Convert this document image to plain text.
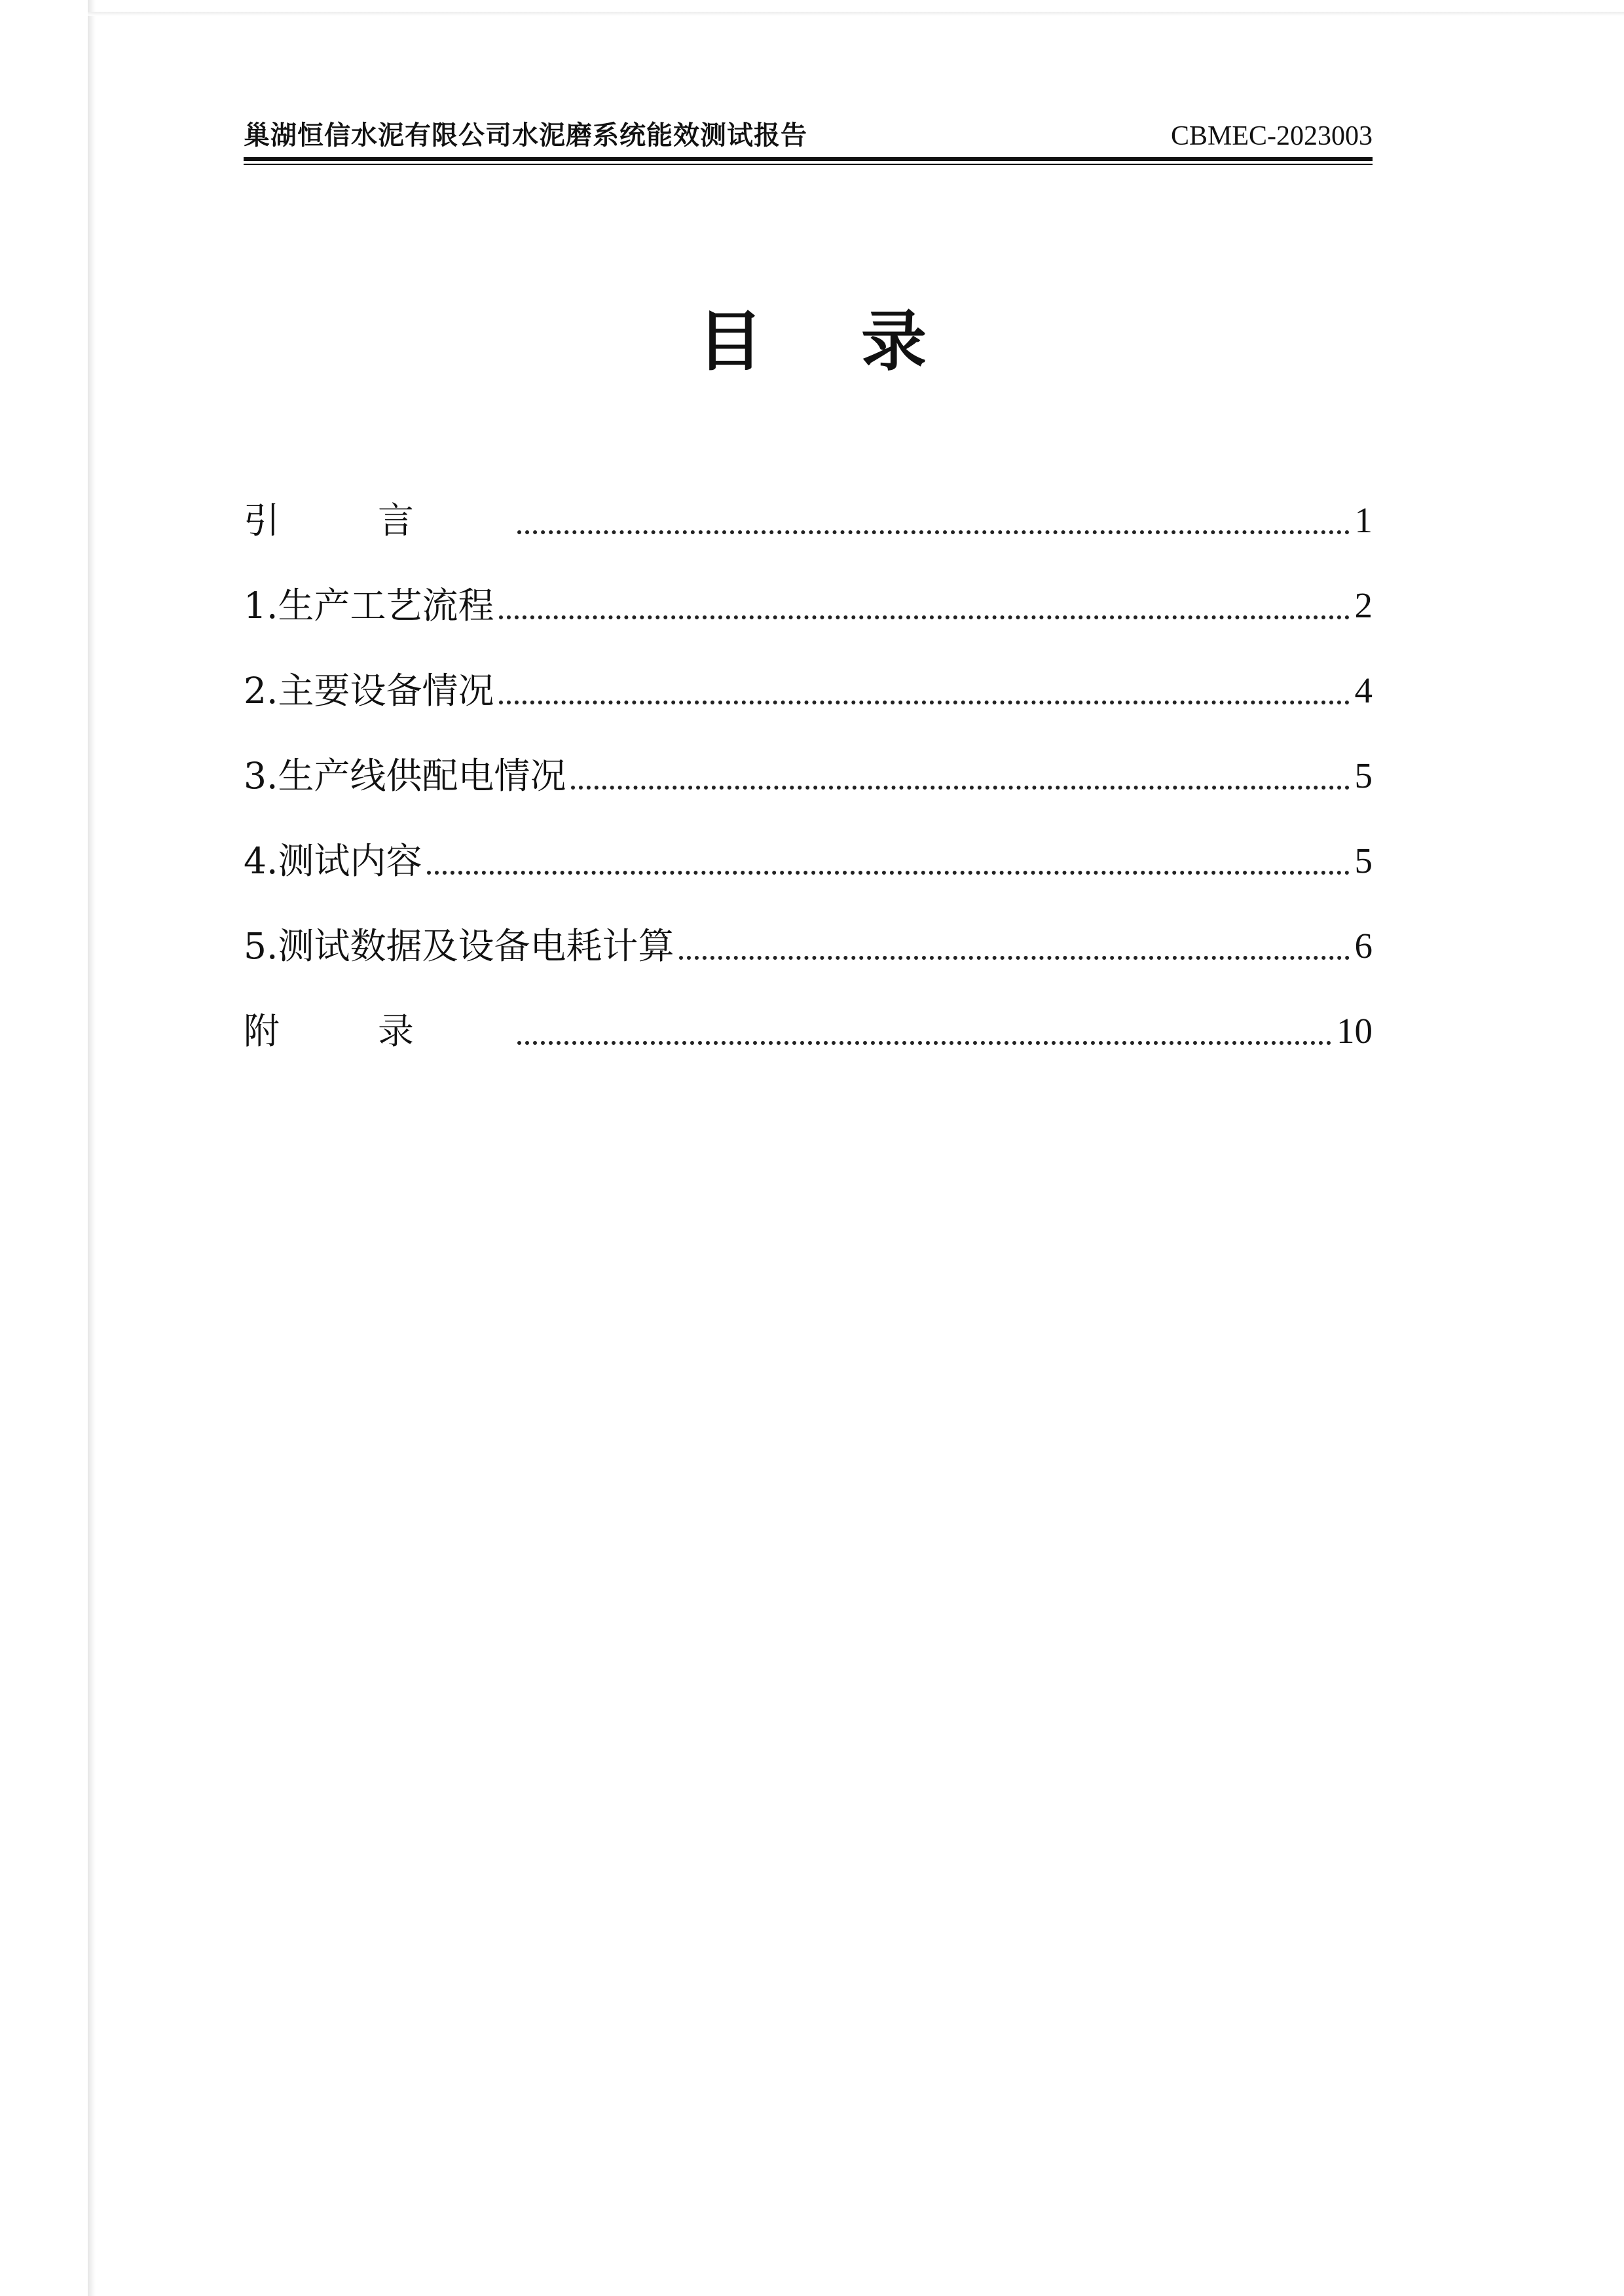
巢湖恒信水泥有限公司水泥磨系统能效测试报告	CBMEC-2023003
目 录
引言	1
1.生产工艺流程	2
2.主要设备情况	4
3.生产线供配电情况	5
4.测试内容	5
5.测试数据及设备电耗计算	6
附录	10
